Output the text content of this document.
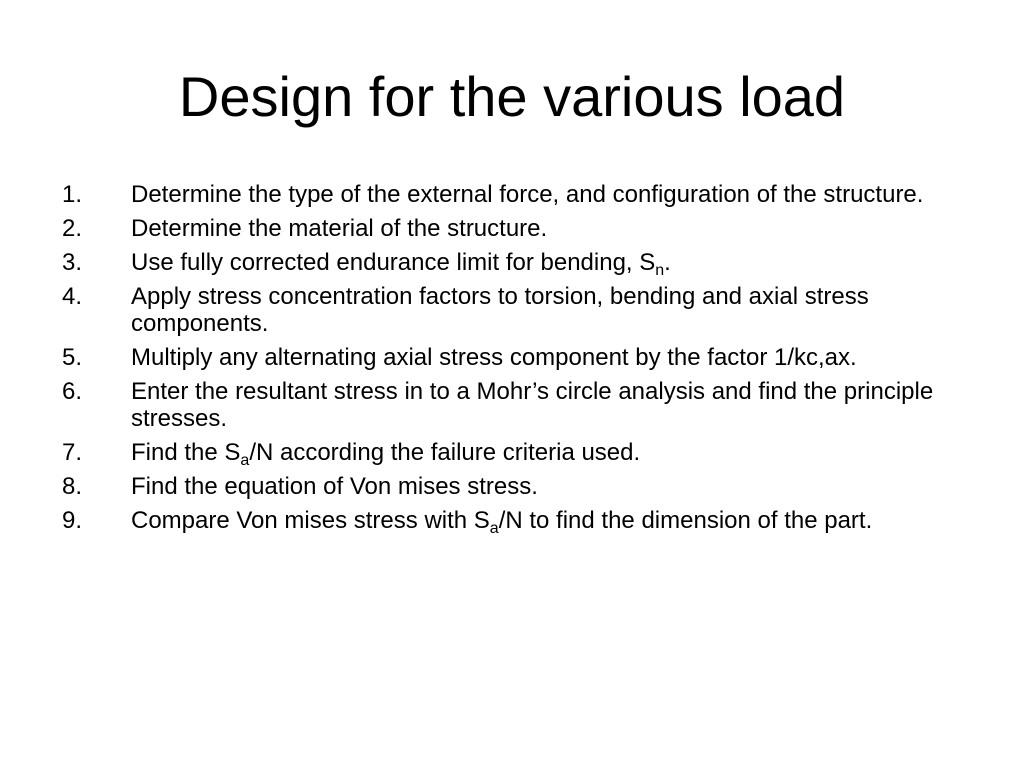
Design for the various load
1.	Determine the type of the external force, and configuration of the structure.
2.	Determine the material of the structure.
3.	Use fully corrected endurance limit for bending, $S_n$.
4.	Apply stress concentration factors to torsion, bending and axial stress components.
5.	Multiply any alternating axial stress component by the factor 1/kc,ax.
6.	Enter the resultant stress in to a Mohr’s circle analysis and find the principle stresses.
7.	Find the $S_a/N$ according the failure criteria used.
8.	Find the equation of Von mises stress.
9.	Compare Von mises stress with $S_a/N$ to find the dimension of the part.
